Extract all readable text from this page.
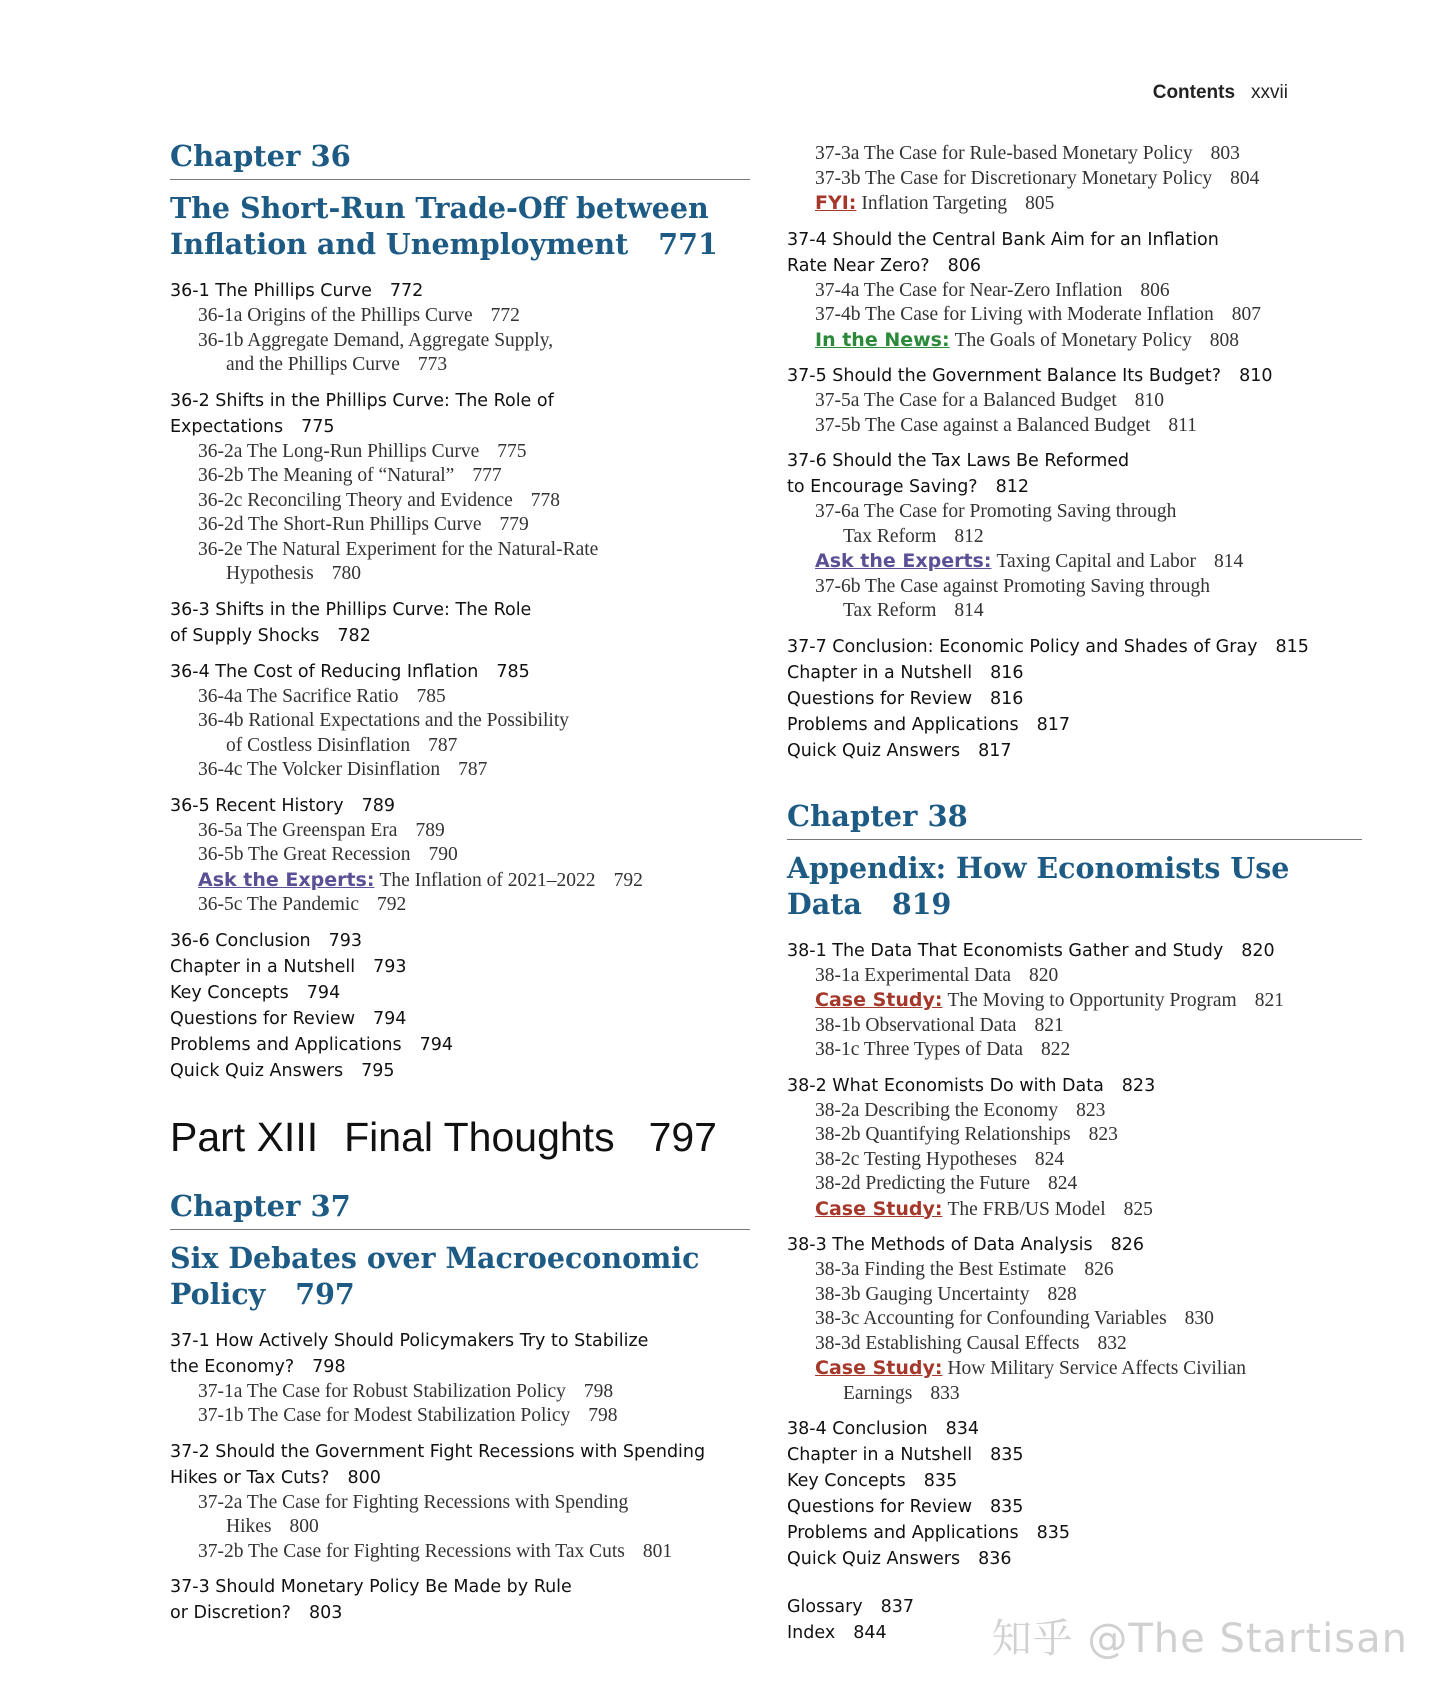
Contents xxvii
Chapter 36
The Short-Run Trade-Off between
Inflation and Unemployment 771
36-1 The Phillips Curve 772
36-1a Origins of the Phillips Curve 772
36-1b Aggregate Demand, Aggregate Supply,
and the Phillips Curve 773
36-2 Shifts in the Phillips Curve: The Role of
Expectations 775
36-2a The Long-Run Phillips Curve 775
36-2b The Meaning of “Natural” 777
36-2c Reconciling Theory and Evidence 778
36-2d The Short-Run Phillips Curve 779
36-2e The Natural Experiment for the Natural-Rate
Hypothesis 780
36-3 Shifts in the Phillips Curve: The Role
of Supply Shocks 782
36-4 The Cost of Reducing Inflation 785
36-4a The Sacrifice Ratio 785
36-4b Rational Expectations and the Possibility
of Costless Disinflation 787
36-4c The Volcker Disinflation 787
36-5 Recent History 789
36-5a The Greenspan Era 789
36-5b The Great Recession 790
Ask the Experts: The Inflation of 2021–2022 792
36-5c The Pandemic 792
36-6 Conclusion 793
Chapter in a Nutshell 793
Key Concepts 794
Questions for Review 794
Problems and Applications 794
Quick Quiz Answers 795
Part XIII Final Thoughts 797
Chapter 37
Six Debates over Macroeconomic
Policy 797
37-1 How Actively Should Policymakers Try to Stabilize
the Economy? 798
37-1a The Case for Robust Stabilization Policy 798
37-1b The Case for Modest Stabilization Policy 798
37-2 Should the Government Fight Recessions with Spending
Hikes or Tax Cuts? 800
37-2a The Case for Fighting Recessions with Spending
Hikes 800
37-2b The Case for Fighting Recessions with Tax Cuts 801
37-3 Should Monetary Policy Be Made by Rule
or Discretion? 803
37-3a The Case for Rule-based Monetary Policy 803
37-3b The Case for Discretionary Monetary Policy 804
FYI: Inflation Targeting 805
37-4 Should the Central Bank Aim for an Inflation
Rate Near Zero? 806
37-4a The Case for Near-Zero Inflation 806
37-4b The Case for Living with Moderate Inflation 807
In the News: The Goals of Monetary Policy 808
37-5 Should the Government Balance Its Budget? 810
37-5a The Case for a Balanced Budget 810
37-5b The Case against a Balanced Budget 811
37-6 Should the Tax Laws Be Reformed
to Encourage Saving? 812
37-6a The Case for Promoting Saving through
Tax Reform 812
Ask the Experts: Taxing Capital and Labor 814
37-6b The Case against Promoting Saving through
Tax Reform 814
37-7 Conclusion: Economic Policy and Shades of Gray 815
Chapter in a Nutshell 816
Questions for Review 816
Problems and Applications 817
Quick Quiz Answers 817
Chapter 38
Appendix: How Economists Use
Data 819
38-1 The Data That Economists Gather and Study 820
38-1a Experimental Data 820
Case Study: The Moving to Opportunity Program 821
38-1b Observational Data 821
38-1c Three Types of Data 822
38-2 What Economists Do with Data 823
38-2a Describing the Economy 823
38-2b Quantifying Relationships 823
38-2c Testing Hypotheses 824
38-2d Predicting the Future 824
Case Study: The FRB/US Model 825
38-3 The Methods of Data Analysis 826
38-3a Finding the Best Estimate 826
38-3b Gauging Uncertainty 828
38-3c Accounting for Confounding Variables 830
38-3d Establishing Causal Effects 832
Case Study: How Military Service Affects Civilian
Earnings 833
38-4 Conclusion 834
Chapter in a Nutshell 835
Key Concepts 835
Questions for Review 835
Problems and Applications 835
Quick Quiz Answers 836
Glossary 837
Index 844	知乎 @The Startisan
